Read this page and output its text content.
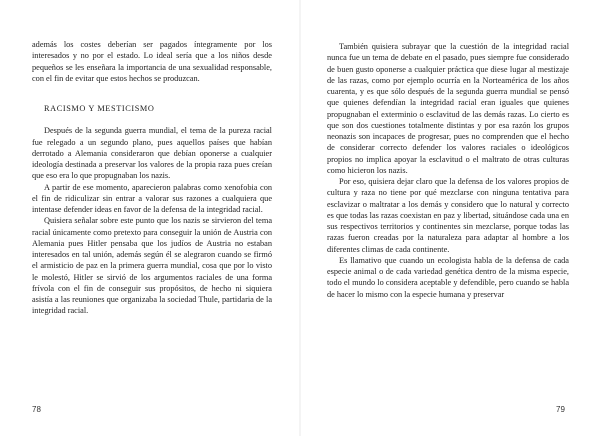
además los costes deberían ser pagados íntegramente por los interesados y no por el estado. Lo ideal sería que a los niños desde pequeños se les enseñara la importancia de una sexualidad responsable, con el fin de evitar que estos hechos se produzcan.

RACISMO Y MESTICISMO

Después de la segunda guerra mundial, el tema de la pureza racial fue relegado a un segundo plano, pues aquellos países que habían derrotado a Alemania consideraron que debían oponerse a cualquier ideología destinada a preservar los valores de la propia raza pues creían que eso era lo que propugnaban los nazis.

A partir de ese momento, aparecieron palabras como xenofobia con el fin de ridiculizar sin entrar a valorar sus razones a cualquiera que intentase defender ideas en favor de la defensa de la integridad racial.

Quisiera señalar sobre este punto que los nazis se sirvieron del tema racial únicamente como pretexto para conseguir la unión de Austria con Alemania pues Hitler pensaba que los judíos de Austria no estaban interesados en tal unión, además según él se alegraron cuando se firmó el armisticio de paz en la primera guerra mundial, cosa que por lo visto le molestó, Hitler se sirvió de los argumentos raciales de una forma frívola con el fin de conseguir sus propósitos, de hecho ni siquiera asistía a las reuniones que organizaba la sociedad Thule, partidaria de la integridad racial.

78

También quisiera subrayar que la cuestión de la integridad racial nunca fue un tema de debate en el pasado, pues siempre fue considerado de buen gusto oponerse a cualquier práctica que diese lugar al mestizaje de las razas, como por ejemplo ocurría en la Norteamérica de los años cuarenta, y es que sólo después de la segunda guerra mundial se pensó que quienes defendían la integridad racial eran iguales que quienes propugnaban el exterminio o esclavitud de las demás razas. Lo cierto es que son dos cuestiones totalmente distintas y por esa razón los grupos neonazis son incapaces de progresar, pues no comprenden que el hecho de considerar correcto defender los valores raciales o ideológicos propios no implica apoyar la esclavitud o el maltrato de otras culturas como hicieron los nazis.

Por eso, quisiera dejar claro que la defensa de los valores propios de cultura y raza no tiene por qué mezclarse con ninguna tentativa para esclavizar o maltratar a los demás y considero que lo natural y correcto es que todas las razas coexistan en paz y libertad, situándose cada una en sus respectivos territorios y continentes sin mezclarse, porque todas las razas fueron creadas por la naturaleza para adaptar al hombre a los diferentes climas de cada continente.

Es llamativo que cuando un ecologista habla de la defensa de cada especie animal o de cada variedad genética dentro de la misma especie, todo el mundo lo considera aceptable y defendible, pero cuando se habla de hacer lo mismo con la especie humana y preservar

79
